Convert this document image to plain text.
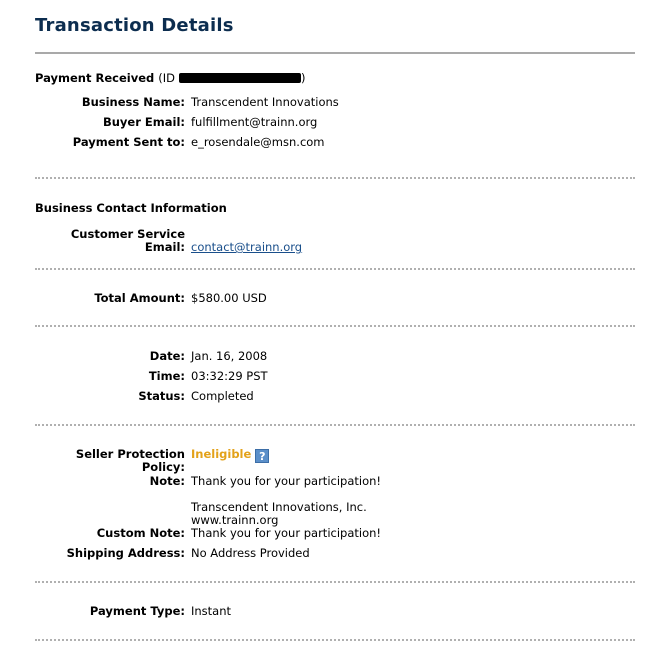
Transaction Details
Payment Received (ID	)
Business Name: Transcendent Innovations
Buyer Email: fulfillment@trainn.org
Payment Sent to: e_rosendale@msn.com
Business Contact Information
Customer Service
Email: contact@trainn.org
Total Amount: $580.00 USD
Date: Jan. 16, 2008
Time: 03:32:29 PST
Status: Completed
Seller Protection Ineligible ?
Policy:
Note: Thank you for your participation!
Transcendent Innovations, Inc.
www.trainn.org
Custom Note: Thank you for your participation!
Shipping Address: No Address Provided
Payment Type: Instant
